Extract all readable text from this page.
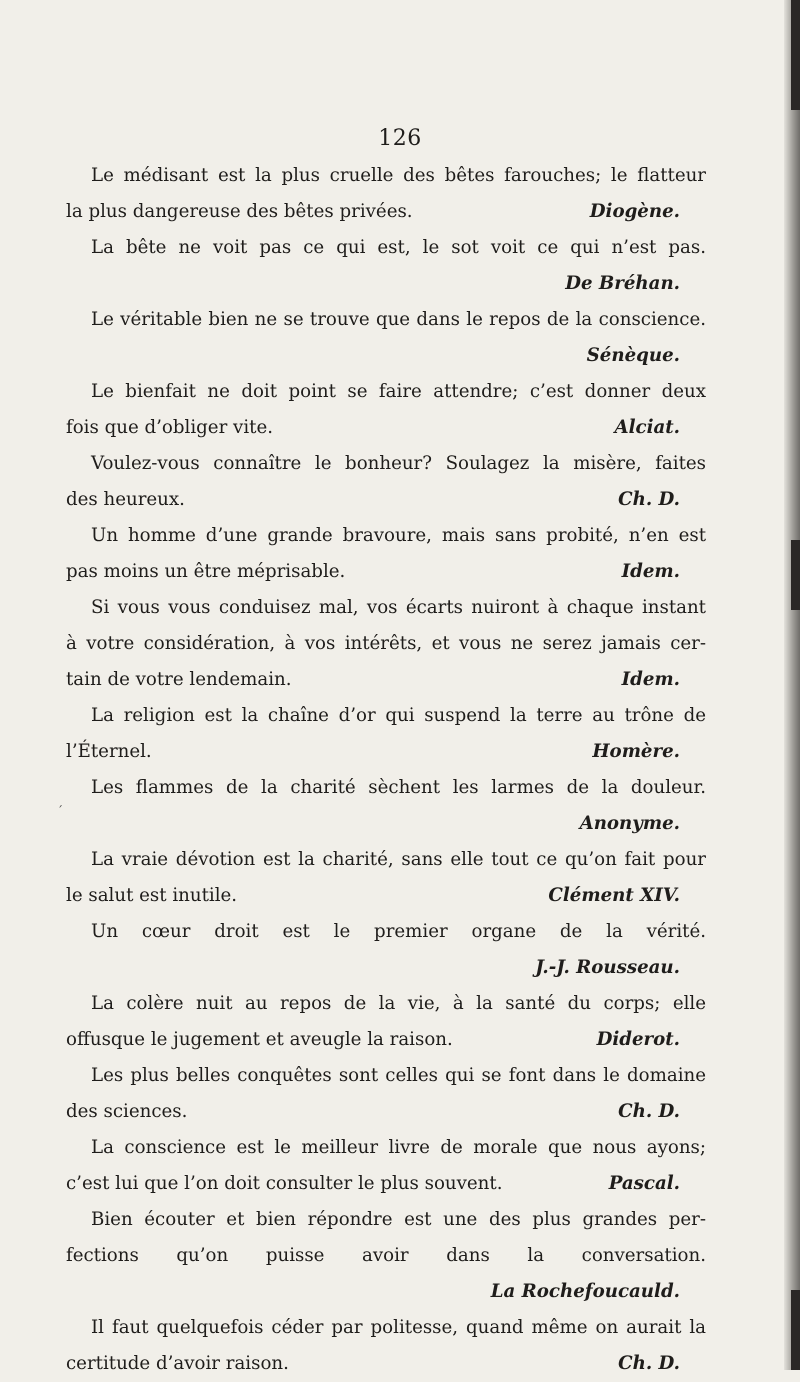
126
´
Le médisant est la plus cruelle des bêtes farouches; le flatteur
la plus dangereuse des bêtes privées.	Diogène.
La bête ne voit pas ce qui est, le sot voit ce qui n’est pas.
De Bréhan.
Le véritable bien ne se trouve que dans le repos de la conscience.
Sénèque.
Le bienfait ne doit point se faire attendre; c’est donner deux
fois que d’obliger vite.	Alciat.
Voulez-vous connaître le bonheur? Soulagez la misère, faites
des heureux.	Ch. D.
Un homme d’une grande bravoure, mais sans probité, n’en est
pas moins un être méprisable.	Idem.
Si vous vous conduisez mal, vos écarts nuiront à chaque instant
à votre considération, à vos intérêts, et vous ne serez jamais cer-
tain de votre lendemain.	Idem.
La religion est la chaîne d’or qui suspend la terre au trône de
l’Éternel.	Homère.
Les flammes de la charité sèchent les larmes de la douleur.
Anonyme.
La vraie dévotion est la charité, sans elle tout ce qu’on fait pour
le salut est inutile.	Clément XIV.
Un cœur droit est le premier organe de la vérité.
J.-J. Rousseau.
La colère nuit au repos de la vie, à la santé du corps; elle
offusque le jugement et aveugle la raison.	Diderot.
Les plus belles conquêtes sont celles qui se font dans le domaine
des sciences.	Ch. D.
La conscience est le meilleur livre de morale que nous ayons;
c’est lui que l’on doit consulter le plus souvent.	Pascal.
Bien écouter et bien répondre est une des plus grandes per-
fections qu’on puisse avoir dans la conversation.
La Rochefoucauld.
Il faut quelquefois céder par politesse, quand même on aurait la
certitude d’avoir raison.	Ch. D.
